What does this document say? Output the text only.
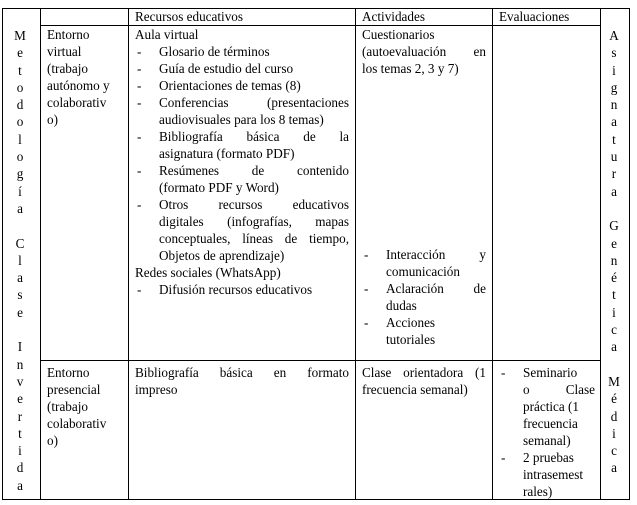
Recursos educativos	Actividades	Evaluaciones
M
e
t
o
d
o
l
o
g
í
a
C
l
a
s
e
I
n
v
e
r
t
i
d
a
A
s
i
g
n
a
t
u
r
a
G
e
n
é
t
i
c
a
M
é
d
i
c
a
Entorno
virtual
(trabajo
autónomo y
colaborativ
o)
Aula virtual
- Glosario de términos
- Guía de estudio del curso
- Orientaciones de temas (8)
- Conferencias (presentaciones
audiovisuales para los 8 temas)
- Bibliografía básica de la
asignatura (formato PDF)
- Resúmenes de contenido
(formato PDF y Word)
- Otros recursos educativos
digitales (infografías, mapas
conceptuales, líneas de tiempo,
Objetos de aprendizaje)
Redes sociales (WhatsApp)
- Difusión recursos educativos
Cuestionarios
(autoevaluación en
los temas 2, 3 y 7)
- Interacción y
comunicación
- Aclaración de
dudas
- Acciones
tutoriales
Entorno
presencial
(trabajo
colaborativ
o)
Bibliografía básica en formato
impreso
Clase orientadora (1
frecuencia semanal)
- Seminario
o Clase
práctica (1
frecuencia
semanal)
- 2 pruebas
intrasemest
rales)
